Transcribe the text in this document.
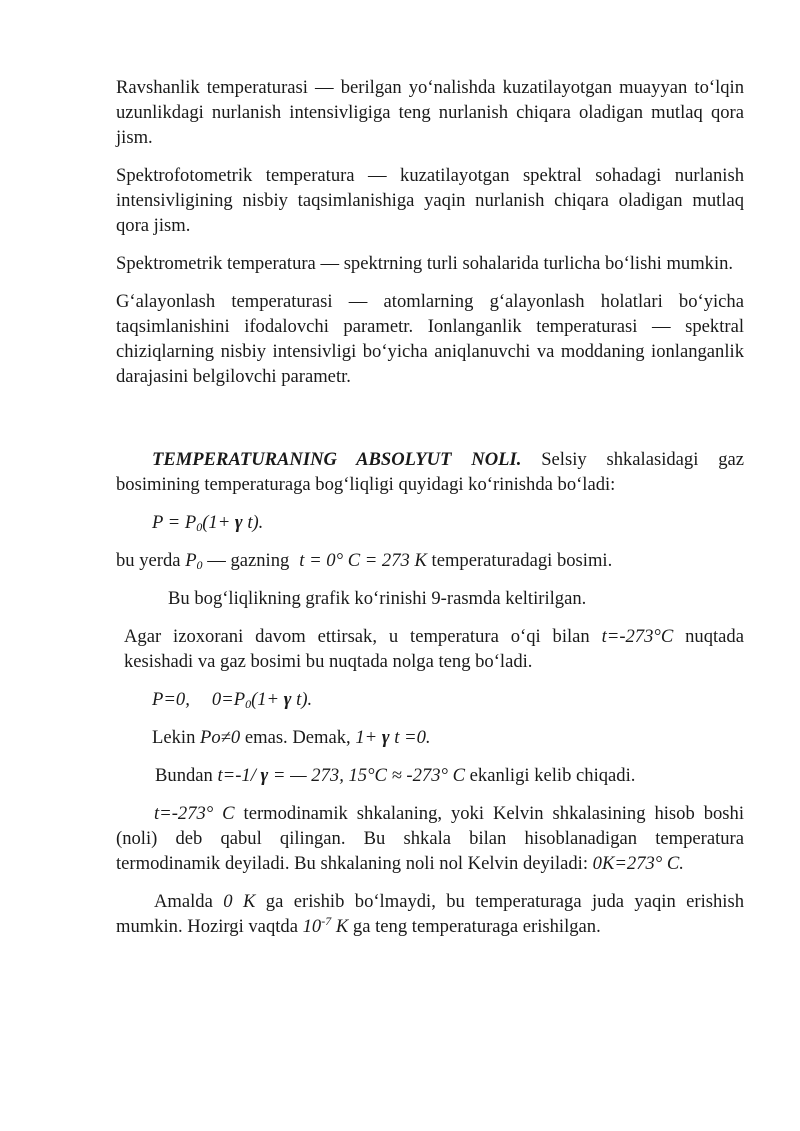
Ravshanlik temperaturasi — berilgan yo‘nalishda kuzatilayotgan muayyan to‘lqin uzunlikdagi nurlanish intensivligiga teng nurlanish chiqara oladigan mutlaq qora jism.

Spektrofotometrik temperatura — kuzatilayotgan spektral sohadagi nurlanish intensivligining nisbiy taqsimlanishiga yaqin nurlanish chiqara oladigan mutlaq qora jism.

Spektrometrik temperatura — spektrning turli sohalarida turlicha bo‘lishi mumkin.

G‘alayonlash temperaturasi — atomlarning g‘alayonlash holatlari bo‘yicha taqsimlanishini ifodalovchi parametr. Ionlanganlik temperaturasi — spektral chiziqlarning nisbiy intensivligi bo‘yicha aniqlanuvchi va moddaning ionlanganlik darajasini belgilovchi parametr.

TEMPERATURANING ABSOLYUT NOLI. Selsiy shkalasidagi gaz bosimining temperaturaga bog‘liqligi quyidagi ko‘rinishda bo‘ladi:

$P = P_0(1+ \gamma$ t).

bu yerda $P_0$ — gazning t = 0° C = 273 K temperaturadagi bosimi.

Bu bog‘liqlikning grafik ko‘rinishi 9-rasmda keltirilgan.

Agar izoxorani davom ettirsak, u temperatura o‘qi bilan t=-273°C nuqtada kesishadi va gaz bosimi bu nuqtada nolga teng bo‘ladi.

P=0, $0=P_0(1+ \gamma$ t).

Lekin Po≠0 emas. Demak, 1+ γ t =0.

Bundan t=-1/ γ = — 273, 15°C ≈ -273° C ekanligi kelib chiqadi.

t=-273° C termodinamik shkalaning, yoki Kelvin shkalasining hisob boshi (noli) deb qabul qilingan. Bu shkala bilan hisoblanadigan temperatura termodinamik deyiladi. Bu shkalaning noli nol Kelvin deyiladi: 0K=273° C.

Amalda 0 K ga erishib bo‘lmaydi, bu temperaturaga juda yaqin erishish mumkin. Hozirgi vaqtda $10^{-7}$ K ga teng temperaturaga erishilgan.
